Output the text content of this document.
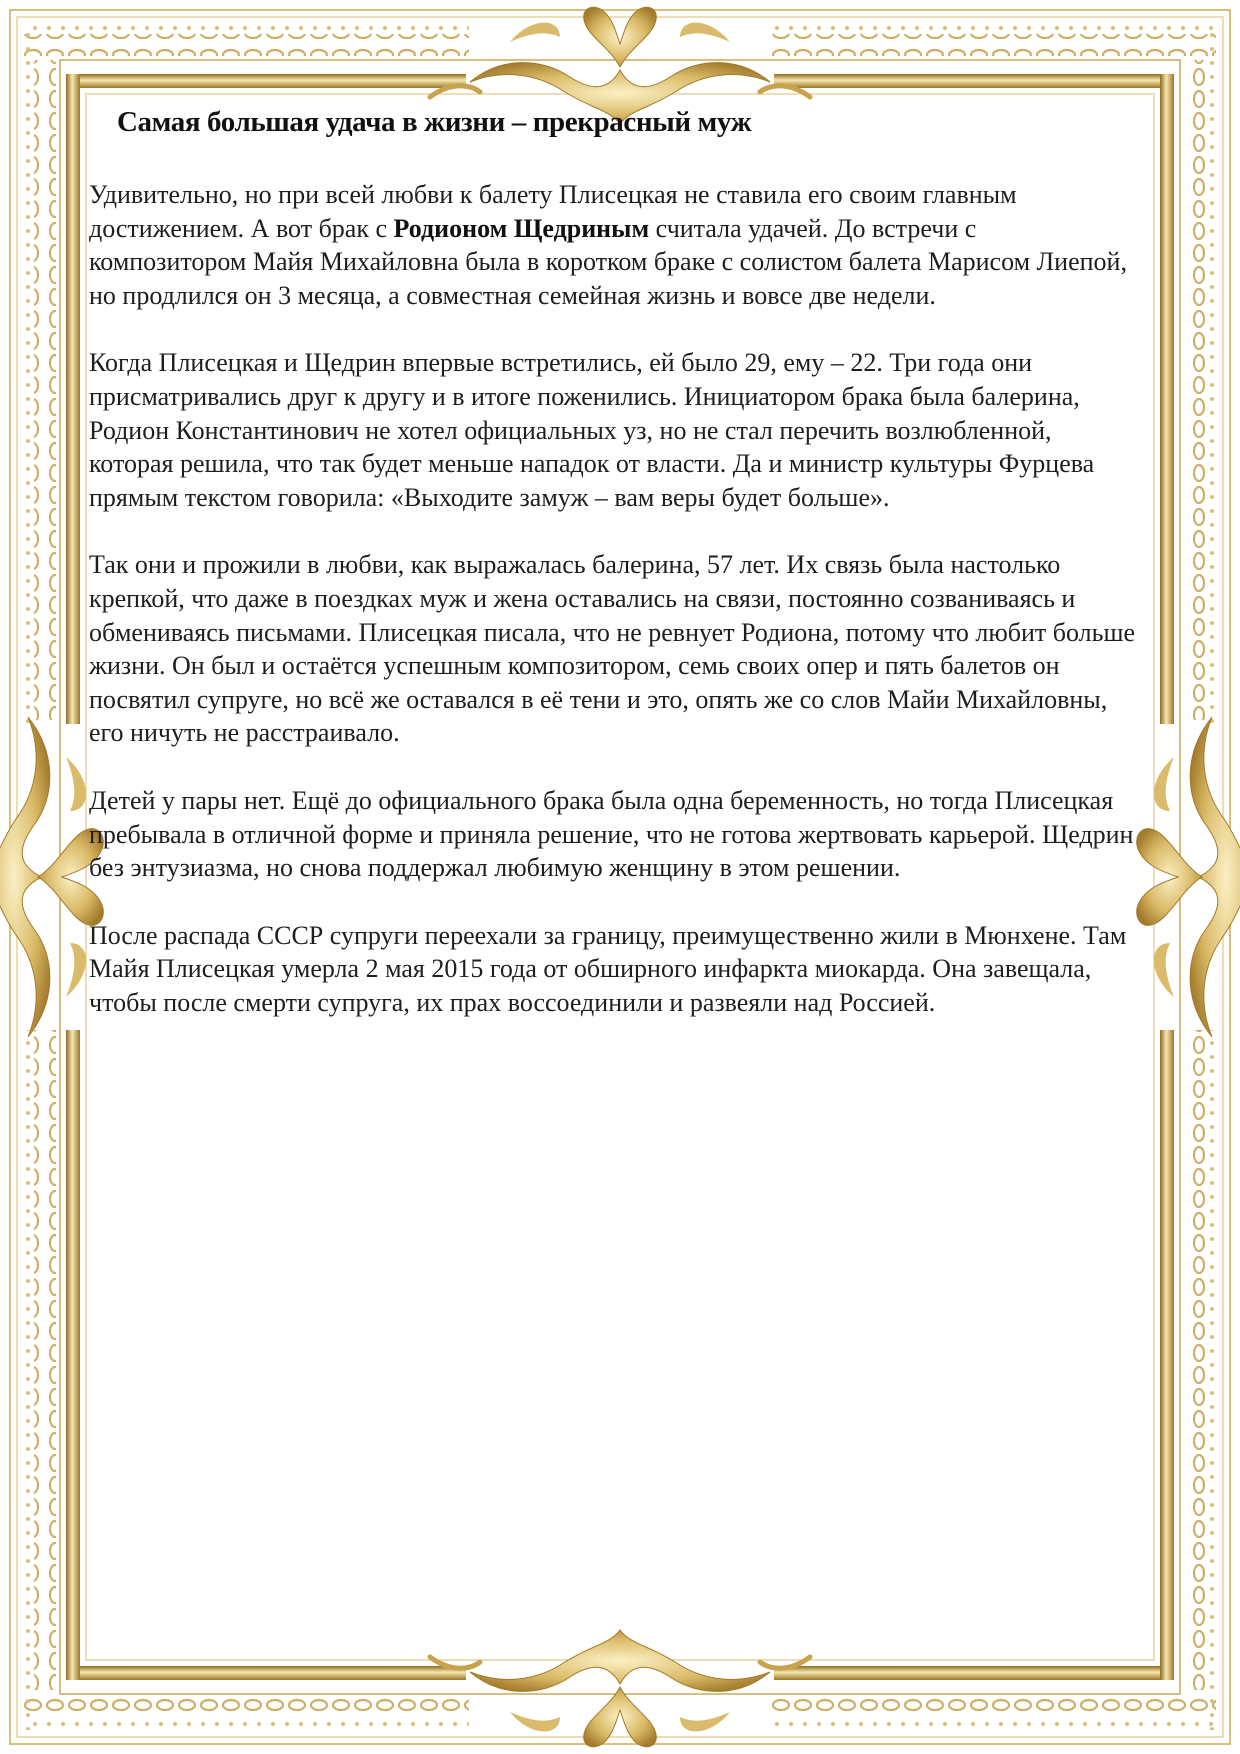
Самая большая удача в жизни – прекрасный муж

Удивительно, но при всей любви к балету Плисецкая не ставила его своим главным достижением. А вот брак с Родионом Щедриным считала удачей. До встречи с композитором Майя Михайловна была в коротком браке с солистом балета Марисом Лиепой, но продлился он 3 месяца, а совместная семейная жизнь и вовсе две недели.

Когда Плисецкая и Щедрин впервые встретились, ей было 29, ему – 22. Три года они присматривались друг к другу и в итоге поженились. Инициатором брака была балерина, Родион Константинович не хотел официальных уз, но не стал перечить возлюбленной, которая решила, что так будет меньше нападок от власти. Да и министр культуры Фурцева прямым текстом говорила: «Выходите замуж – вам веры будет больше».

Так они и прожили в любви, как выражалась балерина, 57 лет. Их связь была настолько крепкой, что даже в поездках муж и жена оставались на связи, постоянно созваниваясь и обмениваясь письмами. Плисецкая писала, что не ревнует Родиона, потому что любит больше жизни. Он был и остаётся успешным композитором, семь своих опер и пять балетов он посвятил супруге, но всё же оставался в её тени и это, опять же со слов Майи Михайловны, его ничуть не расстраивало.

Детей у пары нет. Ещё до официального брака была одна беременность, но тогда Плисецкая пребывала в отличной форме и приняла решение, что не готова жертвовать карьерой. Щедрин без энтузиазма, но снова поддержал любимую женщину в этом решении.

После распада СССР супруги переехали за границу, преимущественно жили в Мюнхене. Там Майя Плисецкая умерла 2 мая 2015 года от обширного инфаркта миокарда. Она завещала, чтобы после смерти супруга, их прах воссоединили и развеяли над Россией.
